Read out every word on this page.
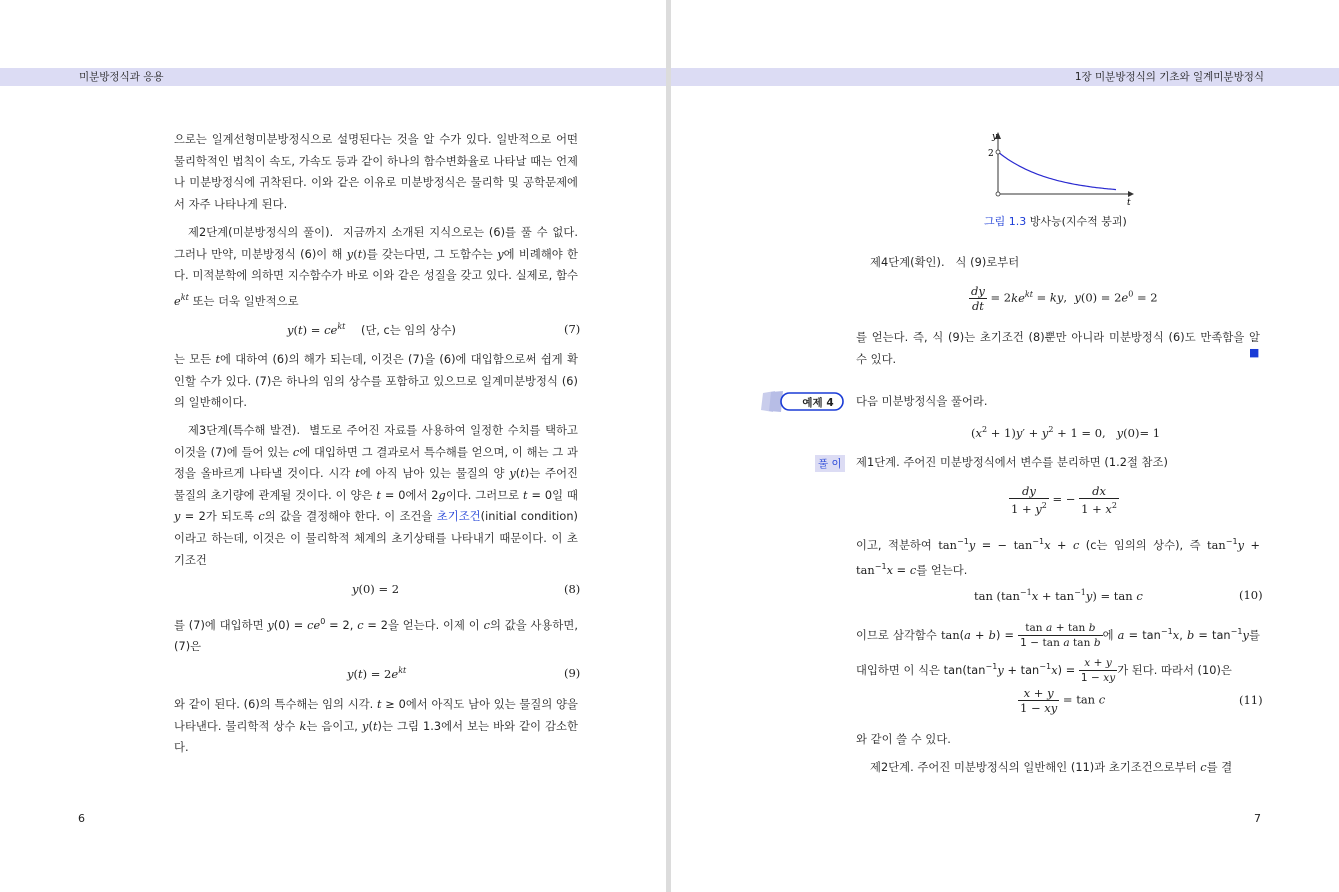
미분방정식과 응용

으로는 일계선형미분방정식으로 설명된다는 것을 알 수가 있다. 일반적으로 어떤 물리학적인 법칙이 속도, 가속도 등과 같이 하나의 함수변화율로 나타날 때는 언제나 미분방정식에 귀착된다. 이와 같은 이유로 미분방정식은 물리학 및 공학문제에서 자주 나타나게 된다.

제2단계(미분방정식의 풀이). 지금까지 소개된 지식으로는 (6)를 풀 수 없다. 그러나 만약, 미분방정식 (6)이 해 y(t)를 갖는다면, 그 도함수는 y에 비례해야 한다. 미적분학에 의하면 지수함수가 바로 이와 같은 성질을 갖고 있다. 실제로, 함수 $e^{kt}$ 또는 더욱 일반적으로

$y(t) = ce^{kt}$ (단, c는 임의 상수)	(7)

는 모든 t에 대하여 (6)의 해가 되는데, 이것은 (7)을 (6)에 대입함으로써 쉽게 확인할 수가 있다. (7)은 하나의 임의 상수를 포함하고 있으므로 일계미분방정식 (6)의 일반해이다.

제3단계(특수해 발견). 별도로 주어진 자료를 사용하여 일정한 수치를 택하고 이것을 (7)에 들어 있는 c에 대입하면 그 결과로서 특수해를 얻으며, 이 해는 그 과정을 올바르게 나타낼 것이다. 시각 t에 아직 남아 있는 물질의 양 y(t)는 주어진 물질의 초기량에 관계될 것이다. 이 양은 t = 0에서 2g이다. 그러므로 t = 0일 때 y = 2가 되도록 c의 값을 결정해야 한다. 이 조건을 초기조건(initial condition)이라고 하는데, 이것은 이 물리학적 체계의 초기상태를 나타내기 때문이다. 이 초기조건

y(0) = 2	(8)

를 (7)에 대입하면 $y(0) = ce^0 = 2$, c = 2을 얻는다. 이제 이 c의 값을 사용하면, (7)은

$y(t) = 2e^{kt}$	(9)

와 같이 된다. (6)의 특수해는 임의 시각. t ≥ 0에서 아직도 남아 있는 물질의 양을 나타낸다. 물리학적 상수 k는 음이고, y(t)는 그림 1.3에서 보는 바와 같이 감소한다.

6
1장 미분방정식의 기초와 일계미분방정식
2
y
t
그림 1.3 방사능(지수적 붕괴)

제4단계(확인). 식 (9)로부터

$\frac{dy}{dt} = 2ke^{kt}$ = ky,  $y(0) = 2e^0 = 2$

를 얻는다. 즉, 식 (9)는 초기조건 (8)뿐만 아니라 미분방정식 (6)도 만족함을 알 수 있다.

■
예제 4	다음 미분방정식을 풀어라.

$(x^2 + 1)y' + y^2 + 1 = 0$,   y(0)= 1
풀 이 제1단계. 주어진 미분방정식에서 변수를 분리하면 (1.2절 참조)

$\frac{dy}{1 + y^2}$ = − $\frac{dx}{1 + x^2}$

이고, 적분하여 $\tan^{-1}y$ = − $\tan^{-1}x + c$ (c는 임의의 상수), 즉 $\tan^{-1}y + \tan^{-1}x = c$를 얻는다.

$\tan (\tan^{-1}x + \tan^{-1}y) = \tan c$	(10)

이므로 삼각함수 $\tan(a + b) = \frac{\text{tan a + tan b}}{\text{1 − tan a tan b}}$ 에 $a = \tan^{-1}x$, $b = \tan^{-1}y$를 대입하면 이 식은 $\tan(\tan^{-1}y + \tan^{-1}x) = \frac{x + y}{1 - xy}$ 가 된다. 따라서 (10)은

$\frac{x + y}{1 - xy} = \tan c$	(11)

와 같이 쓸 수 있다.

제2단계. 주어진 미분방정식의 일반해인 (11)과 초기조건으로부터 c를 결

7
